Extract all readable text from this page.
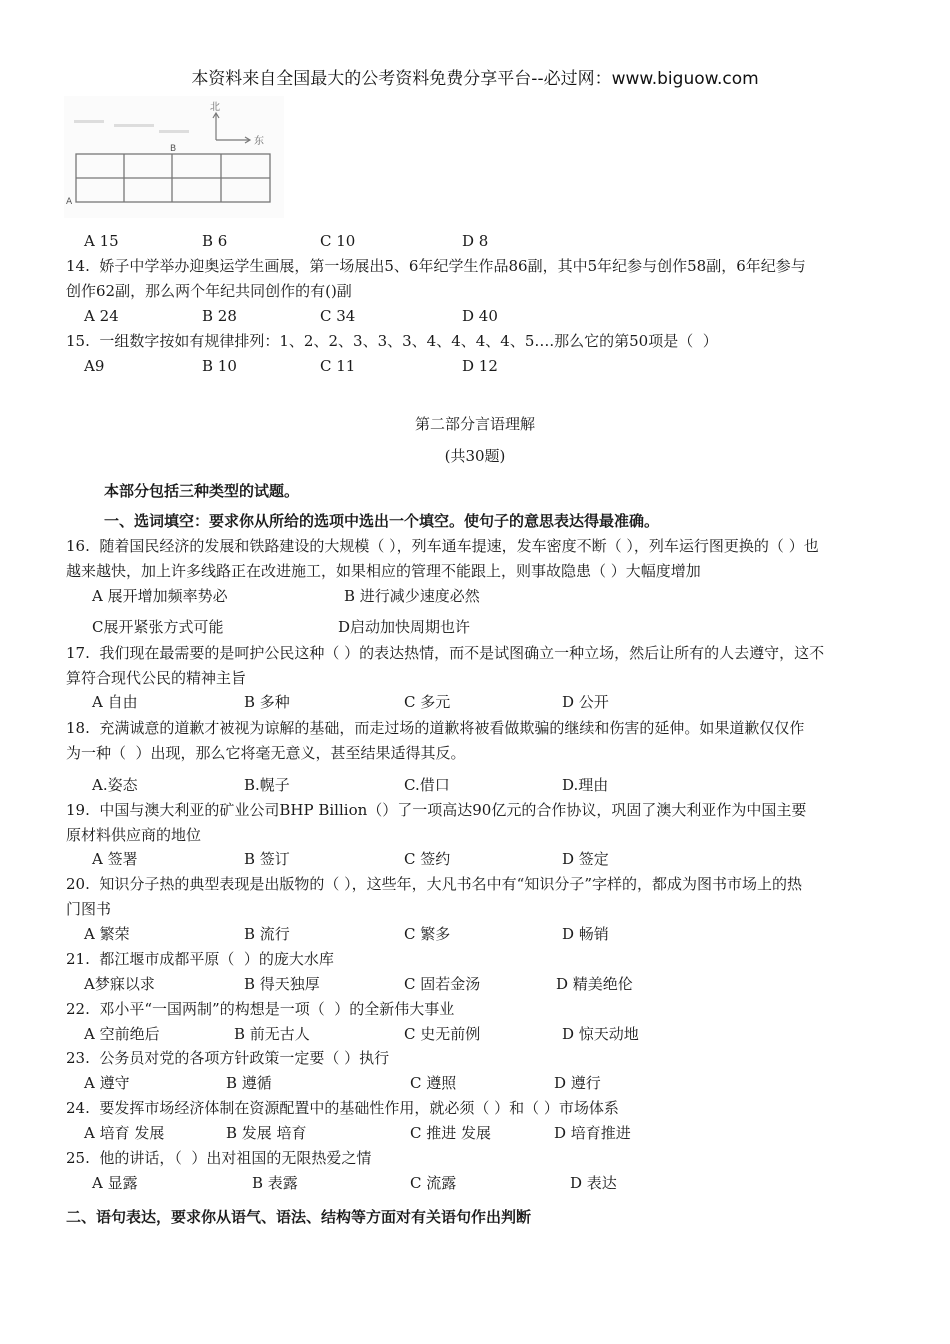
本资料来自全国最大的公考资料免费分享平台--必过网：www.biguow.com
北
东
B
A
A 15	B 6	C 10	D 8
14.  娇子中学举办迎奥运学生画展，第一场展出5、6年纪学生作品86副，其中5年纪参与创作58副，6年纪参与
创作62副，那么两个年纪共同创作的有()副
A 24	B 28	C 34	D 40
15.  一组数字按如有规律排列：1、2、2、3、3、3、4、4、4、4、5….那么它的第50项是（  ）
A9	B 10	C 11	D 12
第二部分言语理解
(共30题)
本部分包括三种类型的试题。
一、选词填空：要求你从所给的选项中选出一个填空。使句子的意思表达得最准确。
16.  随着国民经济的发展和铁路建设的大规模（ ），列车通车提速，发车密度不断（ ），列车运行图更换的（ ）也
越来越快，加上许多线路正在改进施工，如果相应的管理不能跟上，则事故隐患（ ）大幅度增加
A 展开增加频率势必	B 进行减少速度必然
C展开紧张方式可能	D启动加快周期也许
17.  我们现在最需要的是呵护公民这种（ ）的表达热情，而不是试图确立一种立场，然后让所有的人去遵守，这不
算符合现代公民的精神主旨
A 自由	B 多种	C 多元	D 公开
18.  充满诚意的道歉才被视为谅解的基础，而走过场的道歉将被看做欺骗的继续和伤害的延伸。如果道歉仅仅作
为一种（  ）出现，那么它将毫无意义，甚至结果适得其反。
A.姿态	B.幌子	C.借口	D.理由
19.  中国与澳大利亚的矿业公司BHP Billion（）了一项高达90亿元的合作协议，巩固了澳大利亚作为中国主要
原材料供应商的地位
A 签署	B 签订	C 签约	D 签定
20.  知识分子热的典型表现是出版物的（ ），这些年，大凡书名中有“知识分子”字样的，都成为图书市场上的热
门图书
A 繁荣	B 流行	C 繁多	D 畅销
21.  都江堰市成都平原（  ）的庞大水库
A梦寐以求	B 得天独厚	C 固若金汤	D 精美绝伦
22.  邓小平“一国两制”的构想是一项（  ）的全新伟大事业
A 空前绝后	B 前无古人	C 史无前例	D 惊天动地
23.  公务员对党的各项方针政策一定要（ ）执行
A 遵守	B 遵循	C 遵照	D 遵行
24.  要发挥市场经济体制在资源配置中的基础性作用，就必须（ ）和（ ）市场体系
A 培育 发展	B 发展 培育	C 推进 发展	D 培育推进
25.  他的讲话，（  ）出对祖国的无限热爱之情
A 显露	B 表露	C 流露	D 表达
二、语句表达，要求你从语气、语法、结构等方面对有关语句作出判断
